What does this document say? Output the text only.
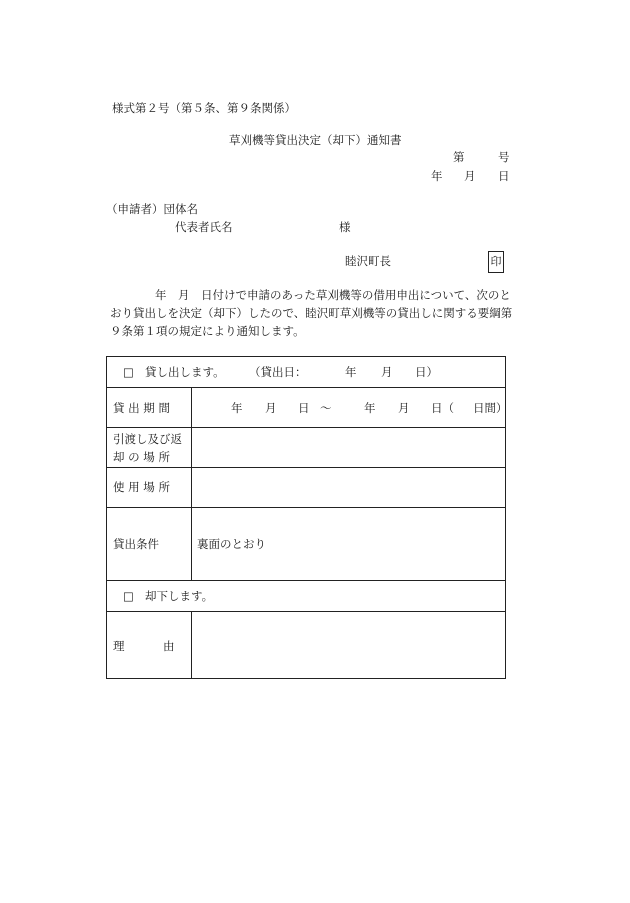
様式第２号（第５条、第９条関係）
草刈機等貸出決定（却下）通知書
第	号
年 月 日
（申請者）団体名
代表者氏名	様
睦沢町長	印
年　月　日付けで申請のあった草刈機等の借用申出について、次のと
おり貸出しを決定（却下）したので、睦沢町草刈機等の貸出しに関する要綱第
９条第１項の規定により通知します。
□ 貸し出します。 （貸出日：	年 月 日）
貸 出 期 間	年 月 日 ～	年 月 日（ 日間）
引渡し及び返
却 の 場 所
使 用 場 所
貸出条件	裏面のとおり
□ 却下します。
理	由
